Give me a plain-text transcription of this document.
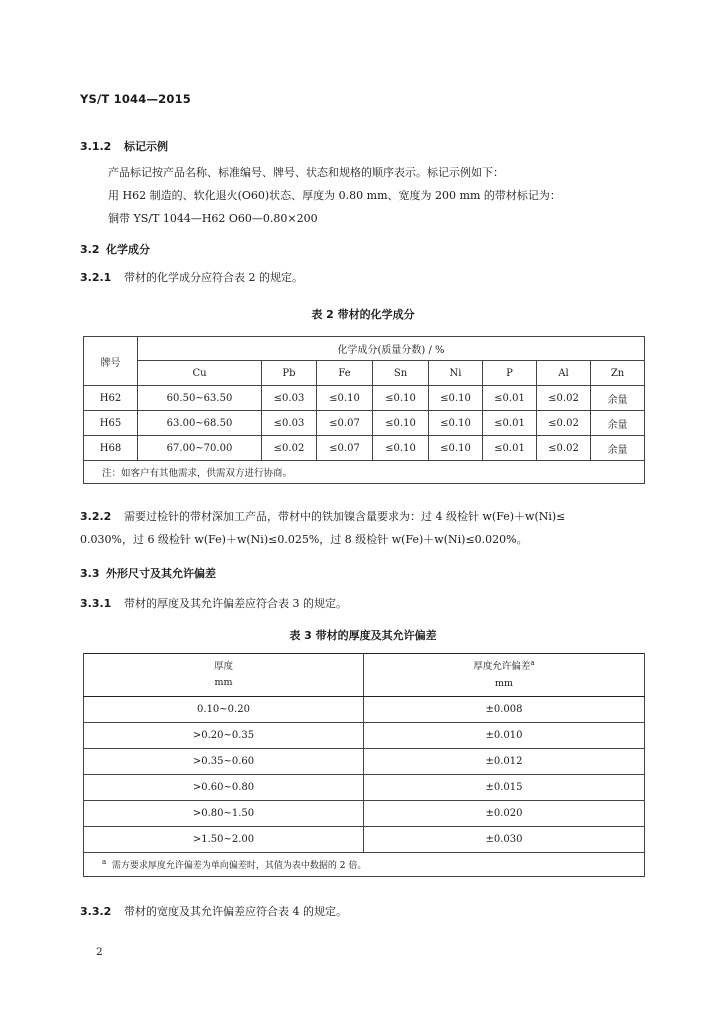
YS/T 1044—2015
3.1.2 标记示例
产品标记按产品名称、标准编号、牌号、状态和规格的顺序表示。标记示例如下：
用 H62 制造的、软化退火(O60)状态、厚度为 0.80 mm、宽度为 200 mm 的带材标记为：
铜带 YS/T 1044—H62 O60—0.80×200
3.2 化学成分
3.2.1 带材的化学成分应符合表 2 的规定。
表 2 带材的化学成分
牌号	化学成分(质量分数) / %							
	Cu	Pb	Fe	Sn	Ni	P	Al	Zn
H62	60.50~63.50	≤0.03	≤0.10	≤0.10	≤0.10	≤0.01	≤0.02	余量
H65	63.00~68.50	≤0.03	≤0.07	≤0.10	≤0.10	≤0.01	≤0.02	余量
H68	67.00~70.00	≤0.02	≤0.07	≤0.10	≤0.10	≤0.01	≤0.02	余量
注：如客户有其他需求，供需双方进行协商。								
3.2.2 需要过检针的带材深加工产品，带材中的铁加镍含量要求为：过 4 级检针 w(Fe)＋w(Ni)≤
0.030%，过 6 级检针 w(Fe)＋w(Ni)≤0.025%，过 8 级检针 w(Fe)＋w(Ni)≤0.020%。
3.3 外形尺寸及其允许偏差
3.3.1 带材的厚度及其允许偏差应符合表 3 的规定。
表 3 带材的厚度及其允许偏差
厚度
mm	厚度允许偏差$^a$
mm
0.10~0.20	±0.008
>0.20~0.35	±0.010
>0.35~0.60	±0.012
>0.60~0.80	±0.015
>0.80~1.50	±0.020
>1.50~2.00	±0.030
$^a$ 需方要求厚度允许偏差为单向偏差时，其值为表中数据的 2 倍。	
3.3.2 带材的宽度及其允许偏差应符合表 4 的规定。
2
